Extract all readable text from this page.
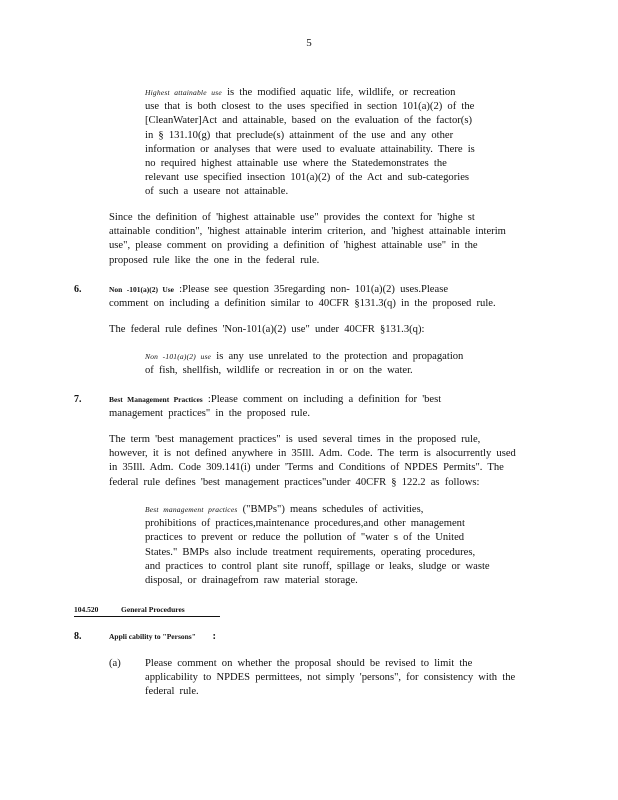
5
Highest attainable use is the modified aquatic life, wildlife, or recreation
use that is both closest to the uses specified in section 101(a)(2) of the
[CleanWater]Act and attainable, based on the evaluation of the factor(s)
in § 131.10(g) that preclude(s) attainment of the use and any other
information or analyses that were used to evaluate attainability. There is
no required highest attainable use where the Statedemonstrates the
relevant use specified insection 101(a)(2) of the Act and sub-categories
of such a useare not attainable.
Since the definition of 'highest attainable use" provides the context for 'highe st
attainable condition", 'highest attainable interim criterion, and 'highest attainable interim
use", please comment on providing a definition of 'highest attainable use" in the
proposed rule like the one in the federal rule.
6.	Non -101(a)(2) Use :Please see question 35regarding non- 101(a)(2) uses.Please
comment on including a definition similar to 40CFR §131.3(q) in the proposed rule.
The federal rule defines 'Non-101(a)(2) use" under 40CFR §131.3(q):
Non -101(a)(2) use is any use unrelated to the protection and propagation
of fish, shellfish, wildlife or recreation in or on the water.
7.	Best Management Practices :Please comment on including a definition for 'best
management practices" in the proposed rule.
The term 'best management practices" is used several times in the proposed rule,
however, it is not defined anywhere in 35Ill. Adm. Code. The term is alsocurrently used
in 35Ill. Adm. Code 309.141(i) under 'Terms and Conditions of NPDES Permits". The
federal rule defines 'best management practices"under 40CFR § 122.2 as follows:
Best management practices ("BMPs") means schedules of activities,
prohibitions of practices,maintenance procedures,and other management
practices to prevent or reduce the pollution of "water s of the United
States." BMPs also include treatment requirements, operating procedures,
and practices to control plant site runoff, spillage or leaks, sludge or waste
disposal, or drainagefrom raw material storage.
104.520	General Procedures
8.	Appli cability to "Persons" :
(a) Please comment on whether the proposal should be revised to limit the
applicability to NPDES permittees, not simply 'persons", for consistency with the
federal rule.
